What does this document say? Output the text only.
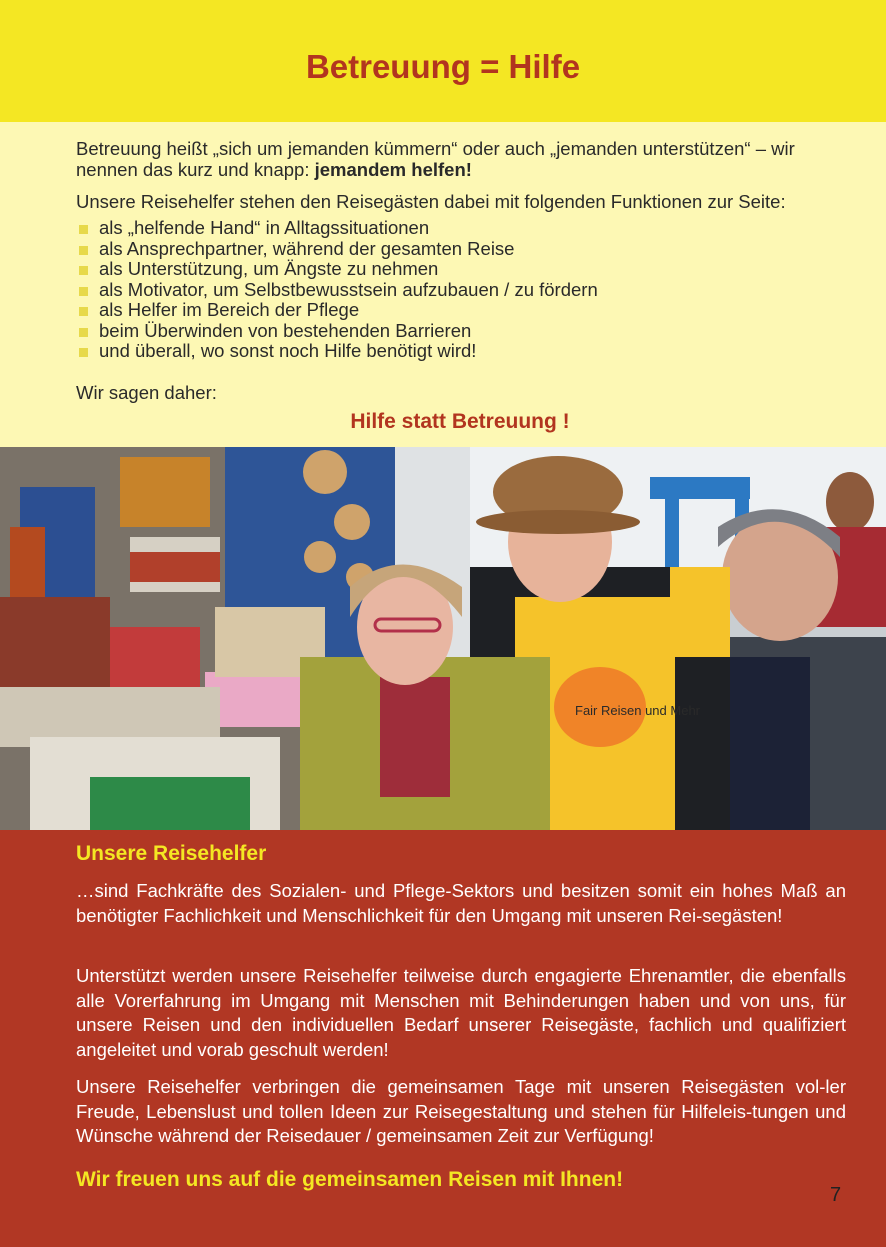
Betreuung = Hilfe

Betreuung heißt „sich um jemanden kümmern“ oder auch „jemanden unterstützen“ – wir nennen das kurz und knapp: jemandem helfen!

Unsere Reisehelfer stehen den Reisegästen dabei mit folgenden Funktionen zur Seite:

als „helfende Hand“ in Alltagssituationen
als Ansprechpartner, während der gesamten Reise
als Unterstützung, um Ängste zu nehmen
als Motivator, um Selbstbewusstsein aufzubauen / zu fördern
als Helfer im Bereich der Pflege
beim Überwinden von bestehenden Barrieren
und überall, wo sonst noch Hilfe benötigt wird!

Wir sagen daher:

Hilfe statt Betreuung !
Fair Reisen und Mehr
Unsere Reisehelfer

…sind Fachkräfte des Sozialen- und Pflege-Sektors und besitzen somit ein hohes Maß an benötigter Fachlichkeit und Menschlichkeit für den Umgang mit unseren Rei-segästen!

Unterstützt werden unsere Reisehelfer teilweise durch engagierte Ehrenamtler, die ebenfalls alle Vorerfahrung im Umgang mit Menschen mit Behinderungen haben und von uns, für unsere Reisen und den individuellen Bedarf unserer Reisegäste, fachlich und qualifiziert angeleitet und vorab geschult werden!

Unsere Reisehelfer verbringen die gemeinsamen Tage mit unseren Reisegästen vol-ler Freude, Lebenslust und tollen Ideen zur Reisegestaltung und stehen für Hilfeleis-tungen und Wünsche während der Reisedauer / gemeinsamen Zeit zur Verfügung!

Wir freuen uns auf die gemeinsamen Reisen mit Ihnen!
7
